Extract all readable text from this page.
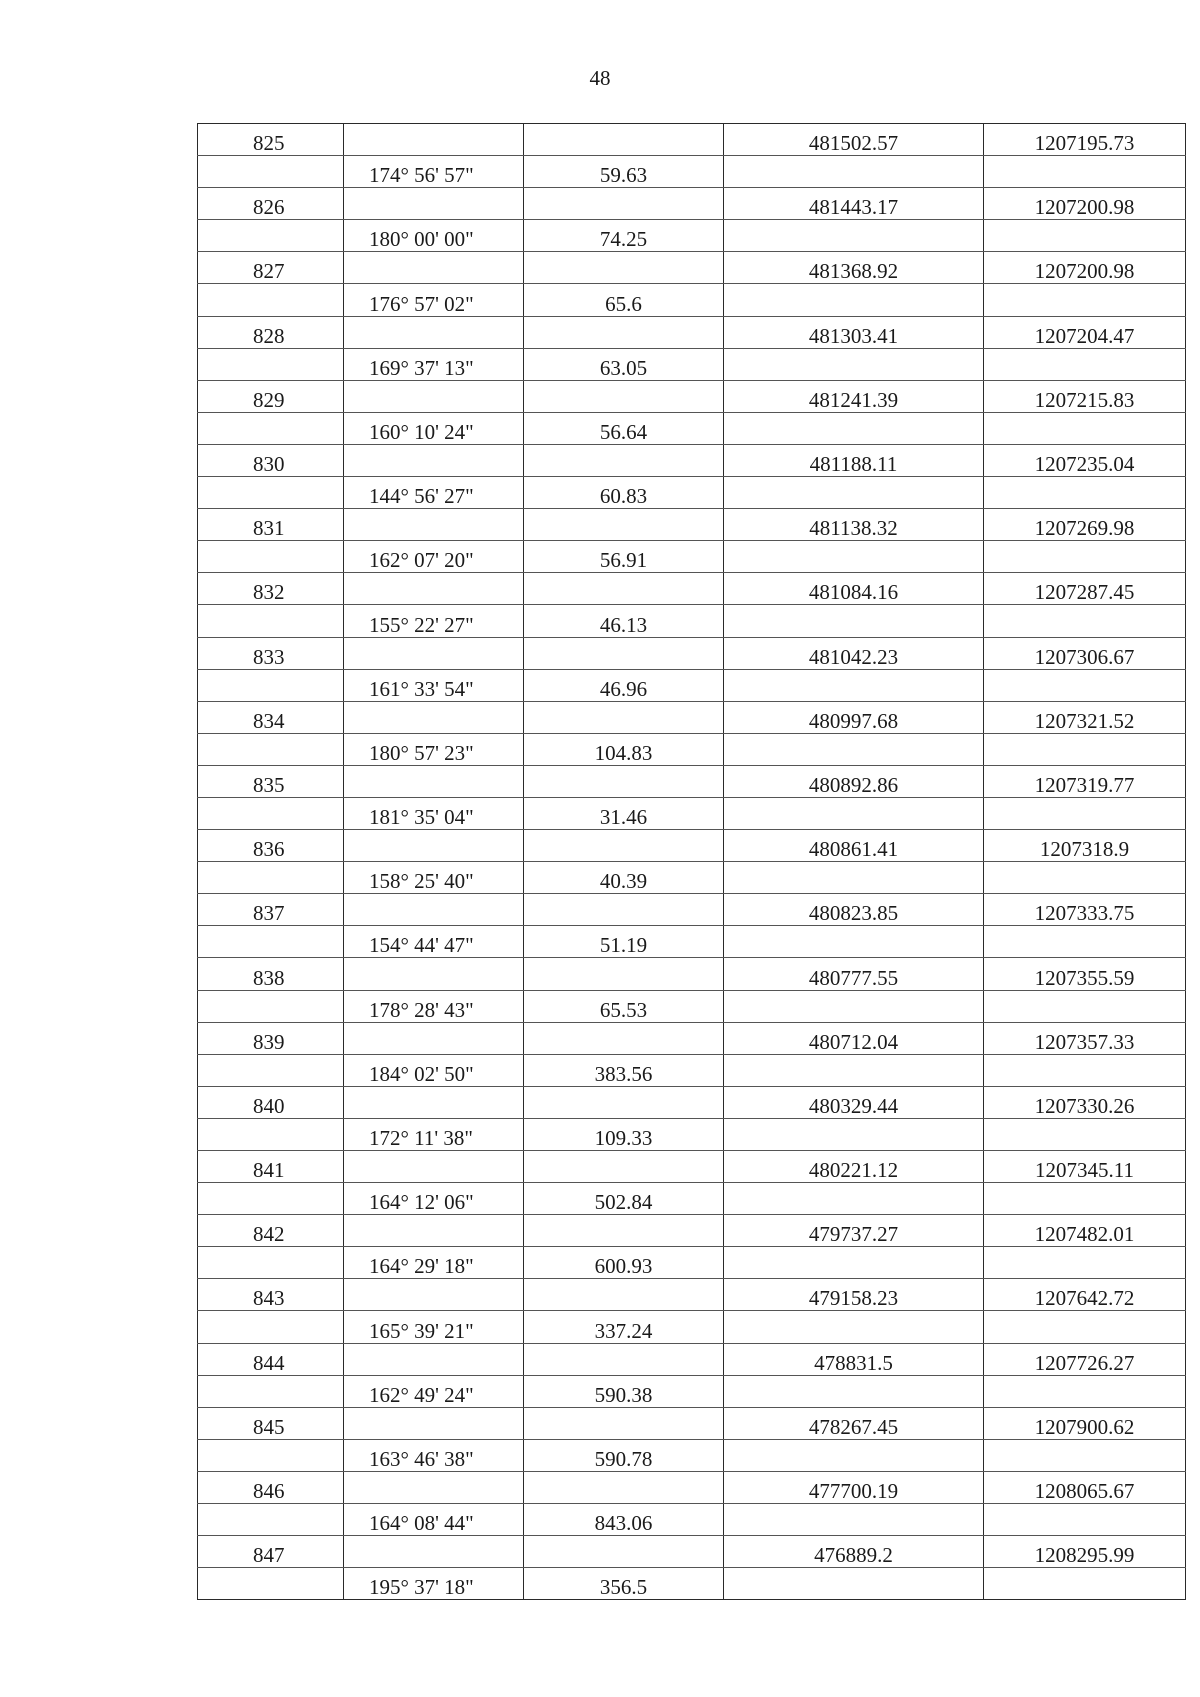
48
825			481502.57	1207195.73
	174° 56' 57"	59.63		
826			481443.17	1207200.98
	180° 00' 00"	74.25		
827			481368.92	1207200.98
	176° 57' 02"	65.6		
828			481303.41	1207204.47
	169° 37' 13"	63.05		
829			481241.39	1207215.83
	160° 10' 24"	56.64		
830			481188.11	1207235.04
	144° 56' 27"	60.83		
831			481138.32	1207269.98
	162° 07' 20"	56.91		
832			481084.16	1207287.45
	155° 22' 27"	46.13		
833			481042.23	1207306.67
	161° 33' 54"	46.96		
834			480997.68	1207321.52
	180° 57' 23"	104.83		
835			480892.86	1207319.77
	181° 35' 04"	31.46		
836			480861.41	1207318.9
	158° 25' 40"	40.39		
837			480823.85	1207333.75
	154° 44' 47"	51.19		
838			480777.55	1207355.59
	178° 28' 43"	65.53		
839			480712.04	1207357.33
	184° 02' 50"	383.56		
840			480329.44	1207330.26
	172° 11' 38"	109.33		
841			480221.12	1207345.11
	164° 12' 06"	502.84		
842			479737.27	1207482.01
	164° 29' 18"	600.93		
843			479158.23	1207642.72
	165° 39' 21"	337.24		
844			478831.5	1207726.27
	162° 49' 24"	590.38		
845			478267.45	1207900.62
	163° 46' 38"	590.78		
846			477700.19	1208065.67
	164° 08' 44"	843.06		
847			476889.2	1208295.99
	195° 37' 18"	356.5		
